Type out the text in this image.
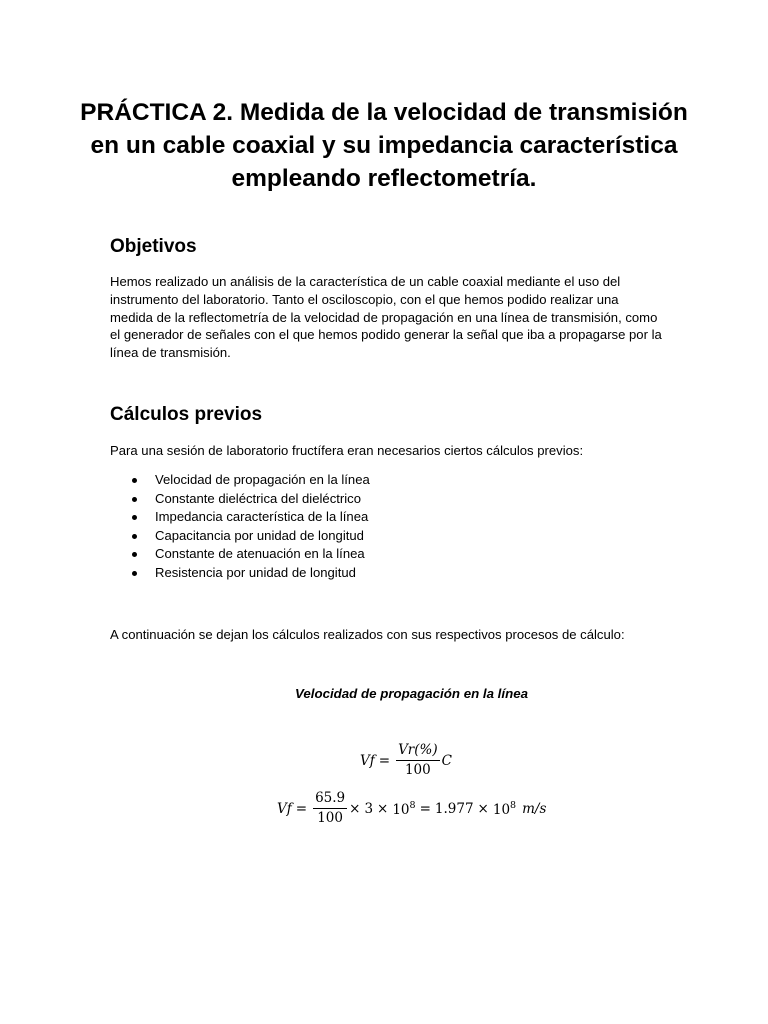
PRÁCTICA 2. Medida de la velocidad de transmisión
en un cable coaxial y su impedancia característica
empleando reflectometría.
Objetivos

Hemos realizado un análisis de la característica de un cable coaxial mediante el uso del
instrumento del laboratorio. Tanto el osciloscopio, con el que hemos podido realizar una
medida de la reflectometría de la velocidad de propagación en una línea de transmisión, como
el generador de señales con el que hemos podido generar la señal que iba a propagarse por la
línea de transmisión.

Cálculos previos

Para una sesión de laboratorio fructífera eran necesarios ciertos cálculos previos:

Velocidad de propagación en la línea
Constante dieléctrica del dieléctrico
Impedancia característica de la línea
Capacitancia por unidad de longitud
Constante de atenuación en la línea
Resistencia por unidad de longitud

A continuación se dejan los cálculos realizados con sus respectivos procesos de cálculo:

Velocidad de propagación en la línea

$Vf = \frac{Vr(\%)}{100}$ C
$Vf = \frac{65.9}{100} \times 3 \times 10^8 = 1.977 \times 10^8$ m/s
